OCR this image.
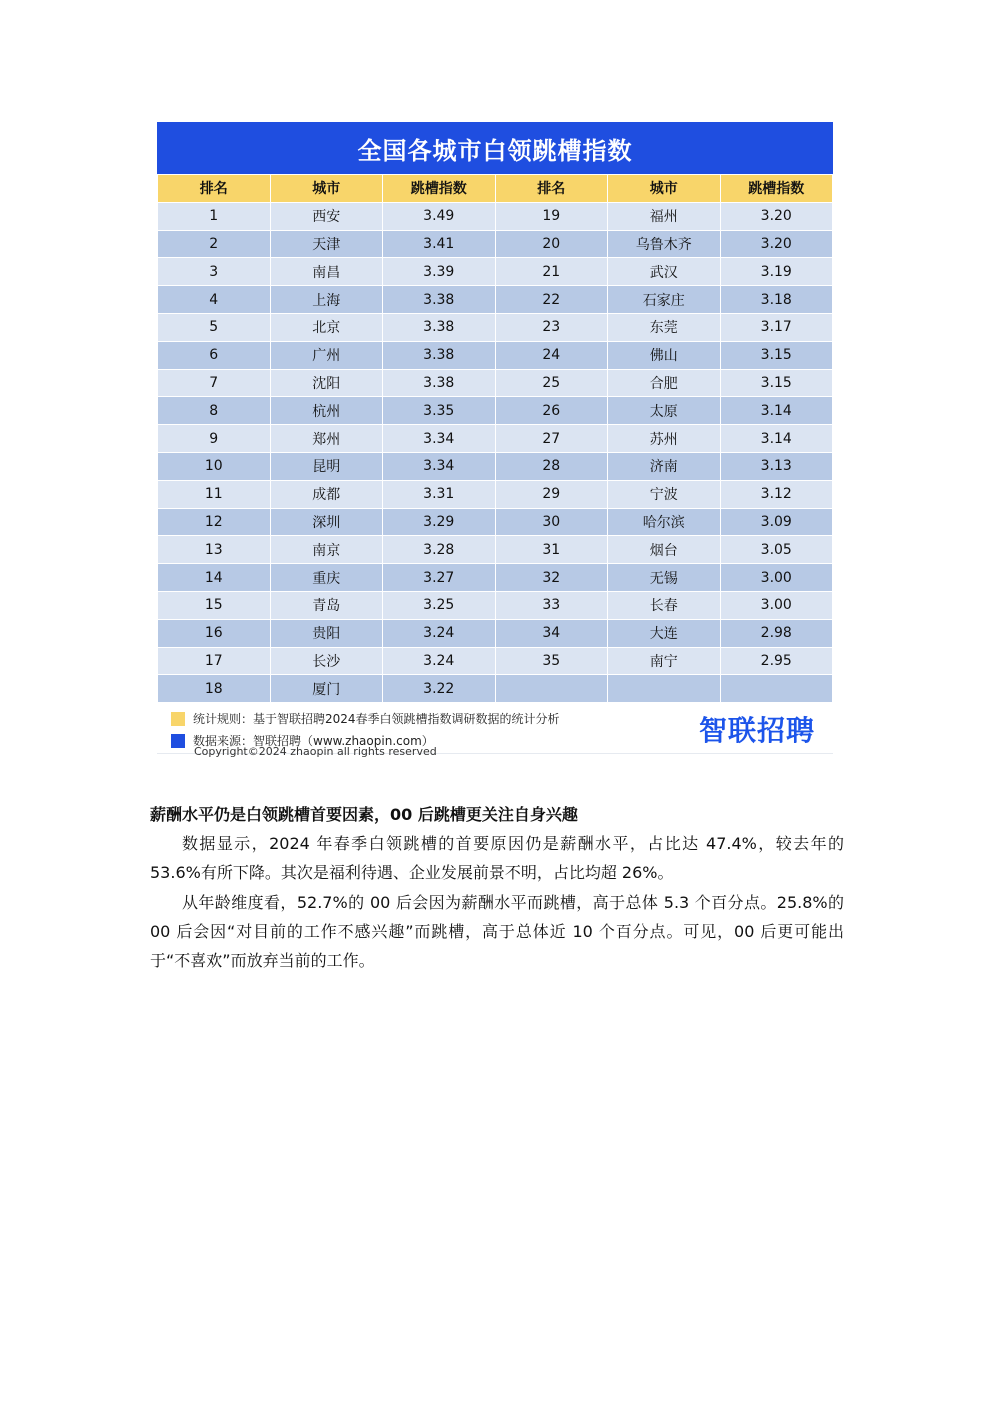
全国各城市白领跳槽指数
排名	城市	跳槽指数	排名	城市	跳槽指数
1	西安	3.49	19	福州	3.20
2	天津	3.41	20	乌鲁木齐	3.20
3	南昌	3.39	21	武汉	3.19
4	上海	3.38	22	石家庄	3.18
5	北京	3.38	23	东莞	3.17
6	广州	3.38	24	佛山	3.15
7	沈阳	3.38	25	合肥	3.15
8	杭州	3.35	26	太原	3.14
9	郑州	3.34	27	苏州	3.14
10	昆明	3.34	28	济南	3.13
11	成都	3.31	29	宁波	3.12
12	深圳	3.29	30	哈尔滨	3.09
13	南京	3.28	31	烟台	3.05
14	重庆	3.27	32	无锡	3.00
15	青岛	3.25	33	长春	3.00
16	贵阳	3.24	34	大连	2.98
17	长沙	3.24	35	南宁	2.95
18	厦门	3.22			
统计规则：基于智联招聘2024春季白领跳槽指数调研数据的统计分析
数据来源：智联招聘（www.zhaopin.com）	智联招聘
Copyright©2024 zhaopin all rights reserved
薪酬水平仍是白领跳槽首要因素，00 后跳槽更关注自身兴趣
数据显示，2024 年春季白领跳槽的首要原因仍是薪酬水平，占比达 47.4%，较去年的 53.6%有所下降。其次是福利待遇、企业发展前景不明，占比均超 26%。
从年龄维度看，52.7%的 00 后会因为薪酬水平而跳槽，高于总体 5.3 个百分点。25.8%的 00 后会因“对目前的工作不感兴趣”而跳槽，高于总体近 10 个百分点。可见，00 后更可能出于“不喜欢”而放弃当前的工作。
